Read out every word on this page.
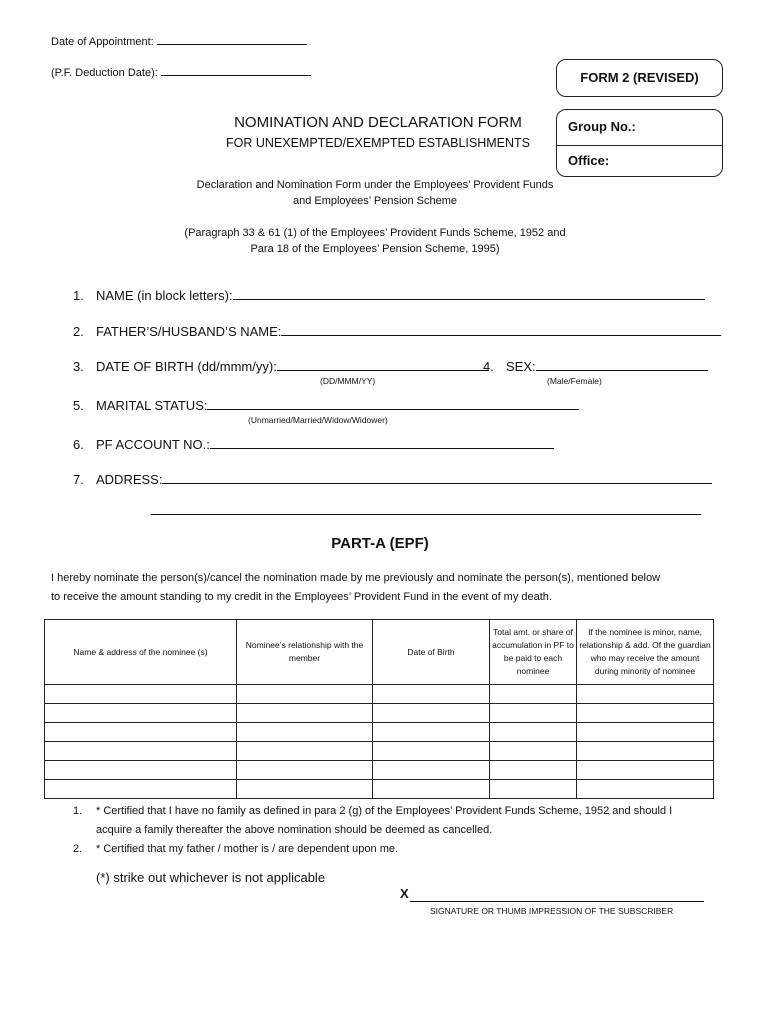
Date of Appointment:
(P.F. Deduction Date):	FORM 2 (REVISED)
Group No.:
Office:
NOMINATION AND DECLARATION FORM
FOR UNEXEMPTED/EXEMPTED ESTABLISHMENTS
Declaration and Nomination Form under the Employees’ Provident Funds
and Employees’ Pension Scheme
(Paragraph 33 & 61 (1) of the Employees’ Provident Funds Scheme, 1952 and
Para 18 of the Employees’ Pension Scheme, 1995)
1. NAME (in block letters):
2. FATHER’S/HUSBAND’S NAME:
3. DATE OF BIRTH (dd/mmm/yy):
(DD/MMM/YY)
4. SEX:
(Male/Female)
5. MARITAL STATUS:
(Unmarried/Married/Widow/Widower)
6. PF ACCOUNT NO.:
7. ADDRESS:
PART-A (EPF)
I hereby nominate the person(s)/cancel the nomination made by me previously and nominate the person(s), mentioned below
to receive the amount standing to my credit in the Employees’ Provident Fund in the event of my death.
Name & address of the nominee (s)	Nominee’s relationship with the member	Date of Birth	Total amt. or share of accumulation in PF to be paid to each nominee	If the nominee is minor, name, relationship & add. Of the guardian who may receive the amount during minority of nominee

1. * Certified that I have no family as defined in para 2 (g) of the Employees’ Provident Funds Scheme, 1952 and should I
acquire a family thereafter the above nomination should be deemed as cancelled.
2. * Certified that my father / mother is / are dependent upon me.
(*) strike out whichever is not applicable
X
SIGNATURE OR THUMB IMPRESSION OF THE SUBSCRIBER
